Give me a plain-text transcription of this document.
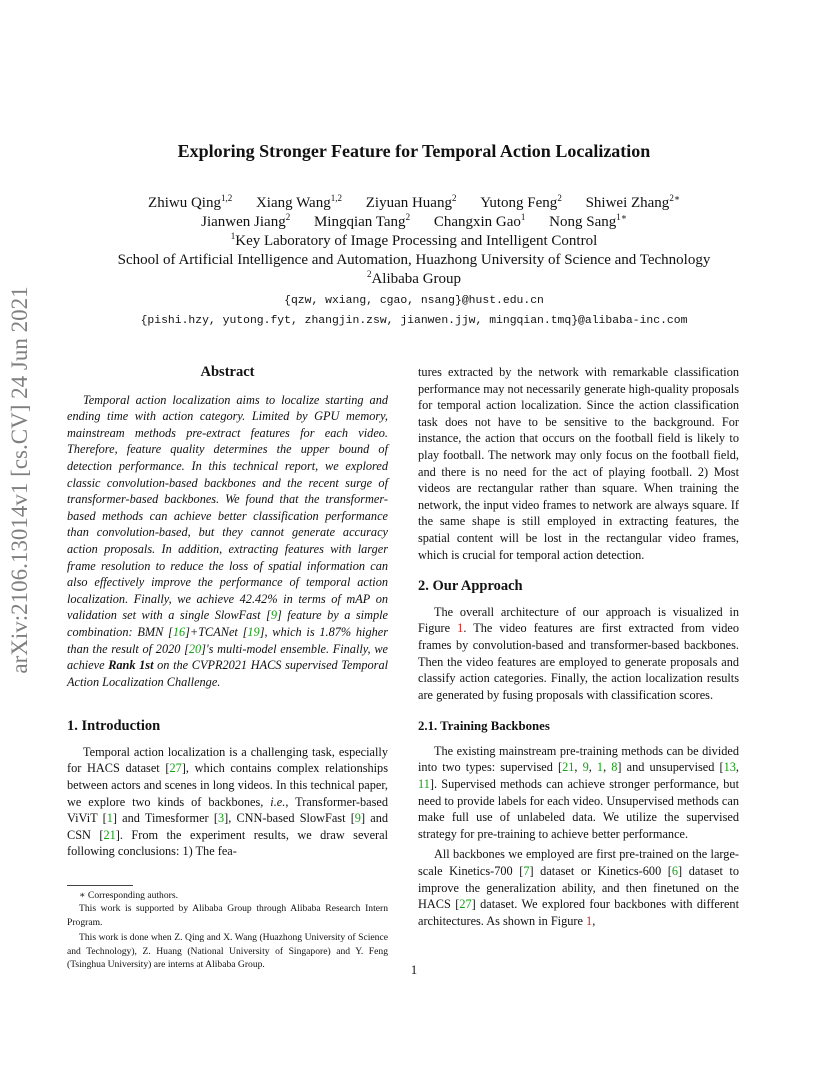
arXiv:2106.13014v1 [cs.CV] 24 Jun 2021
Exploring Stronger Feature for Temporal Action Localization
Zhiwu Qing$^{1,2}$ Xiang Wang$^{1,2}$ Ziyuan Huang$^2$ Yutong Feng$^2$ Shiwei Zhang$^{2∗}$
Jianwen Jiang$^2$ Mingqian Tang$^2$ Changxin Gao$^1$ Nong Sang$^{1∗}$
$^1$Key Laboratory of Image Processing and Intelligent Control
School of Artificial Intelligence and Automation, Huazhong University of Science and Technology
$^2$Alibaba Group
{qzw, wxiang, cgao, nsang}@hust.edu.cn
{pishi.hzy, yutong.fyt, zhangjin.zsw, jianwen.jjw, mingqian.tmq}@alibaba-inc.com
Abstract

Temporal action localization aims to localize starting and ending time with action category. Limited by GPU memory, mainstream methods pre-extract features for each video. Therefore, feature quality determines the upper bound of detection performance. In this technical report, we explored classic convolution-based backbones and the recent surge of transformer-based backbones. We found that the transformer-based methods can achieve better classification performance than convolution-based, but they cannot generate accuracy action proposals. In addition, extracting features with larger frame resolution to reduce the loss of spatial information can also effectively improve the performance of temporal action localization. Finally, we achieve 42.42% in terms of mAP on validation set with a single SlowFast [9] feature by a simple combination: BMN [16]+TCANet [19], which is 1.87% higher than the result of 2020 [20]'s multi-model ensemble. Finally, we achieve Rank 1st on the CVPR2021 HACS supervised Temporal Action Localization Challenge.

1. Introduction

Temporal action localization is a challenging task, especially for HACS dataset [27], which contains complex relationships between actors and scenes in long videos. In this technical paper, we explore two kinds of backbones, i.e., Transformer-based ViViT [1] and Timesformer [3], CNN-based SlowFast [9] and CSN [21]. From the experiment results, we draw several following conclusions: 1) The fea-

∗ Corresponding authors.

This work is supported by Alibaba Group through Alibaba Research Intern Program.

This work is done when Z. Qing and X. Wang (Huazhong University of Science and Technology), Z. Huang (National University of Singapore) and Y. Feng (Tsinghua University) are interns at Alibaba Group.

tures extracted by the network with remarkable classification performance may not necessarily generate high-quality proposals for temporal action localization. Since the action classification task does not have to be sensitive to the background. For instance, the action that occurs on the football field is likely to play football. The network may only focus on the football field, and there is no need for the act of playing football. 2) Most videos are rectangular rather than square. When training the network, the input video frames to network are always square. If the same shape is still employed in extracting features, the spatial content will be lost in the rectangular video frames, which is crucial for temporal action detection.

2. Our Approach

The overall architecture of our approach is visualized in Figure 1. The video features are first extracted from video frames by convolution-based and transformer-based backbones. Then the video features are employed to generate proposals and classify action categories. Finally, the action localization results are generated by fusing proposals with classification scores.

2.1. Training Backbones

The existing mainstream pre-training methods can be divided into two types: supervised [21, 9, 1, 8] and unsupervised [13, 11]. Supervised methods can achieve stronger performance, but need to provide labels for each video. Unsupervised methods can make full use of unlabeled data. We utilize the supervised strategy for pre-training to achieve better performance.

All backbones we employed are first pre-trained on the large-scale Kinetics-700 [7] dataset or Kinetics-600 [6] dataset to improve the generalization ability, and then finetuned on the HACS [27] dataset. We explored four backbones with different architectures. As shown in Figure 1,

1
